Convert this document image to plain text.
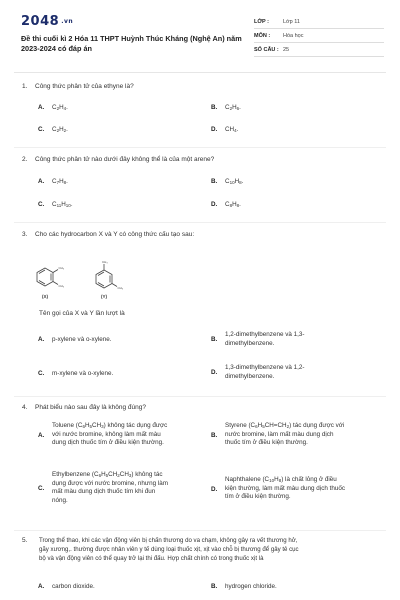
2048 .vn
Đề thi cuối kì 2 Hóa 11 THPT Huỳnh Thúc Kháng (Nghệ An) năm 2023-2024 có đáp án
LỚP :	Lớp 11
MÔN :	Hóa học
SỐ CÂU : 25
1. Công thức phân tử của ethyne là?
A. $C_2H_4$.	B. $C_2H_6$.
C. $C_2H_2$.	D. $CH_4$.
2. Công thức phân tử nào dưới đây không thể là của một arene?
A. $C_7H_8$.	B. $C_{10}H_8$.
C. $C_{11}H_{10}$.	D. $C_8H_8$.
3. Cho các hydrocarbon X và Y có công thức cấu tạo sau:
CH₃
CH₃
CH₃
CH₃
(X)	(Y)
Tên gọi của X và Y lần lượt là
A. p-xylene và o-xylene.	B.
1,2-dimethylbenzene và 1,3-
dimethylbenzene.
C. m-xylene và o-xylene.	D.
1,3-dimethylbenzene và 1,2-
dimethylbenzene.
4. Phát biểu nào sau đây là không đúng?
A.
Toluene $(C_6H_5CH_3)$ không tác dụng được
với nước bromine, không làm mất màu
dung dịch thuốc tím ở điều kiện thường.
B.
Styrene $(C_6H_5CH=CH_2)$ tác dụng được với
nước bromine, làm mất màu dung dịch
thuốc tím ở điều kiện thường.
C.
Ethylbenzene $(C_6H_5CH_2CH_3)$ không tác
dụng được với nước bromine, nhưng làm
mất màu dung dịch thuốc tím khi đun
nóng.
D.
Naphthalene $(C_{10}H_8)$ là chất lỏng ở điều
kiện thường, làm mất màu dung dịch thuốc
tím ở điều kiện thường.
5.	Trong thể thao, khi các vận động viên bị chấn thương do va chạm, không gây ra vết thương hở,
gãy xương,. thường được nhân viên y tế dùng loại thuốc xịt, xịt vào chỗ bị thương để gây tê cục
bộ và vận động viên có thể quay trở lại thi đấu. Hợp chất chính có trong thuốc xịt là
A. carbon dioxide.	B. hydrogen chloride.
